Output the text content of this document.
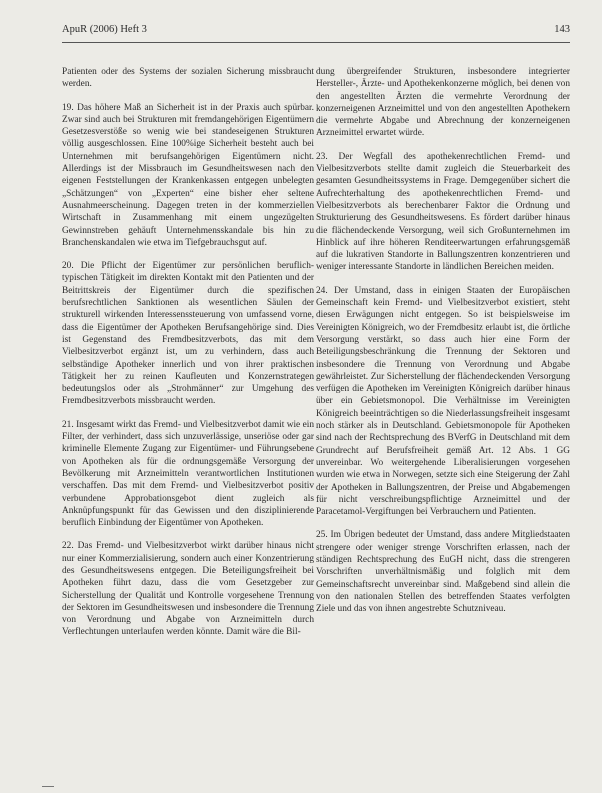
ApuR (2006) Heft 3	143

Patienten oder des Systems der sozialen Sicherung missbraucht werden.

19. Das höhere Maß an Sicherheit ist in der Praxis auch spürbar. Zwar sind auch bei Strukturen mit fremdangehörigen Eigentümern Gesetzesverstöße so wenig wie bei standeseigenen Strukturen völlig ausgeschlossen. Eine 100%ige Sicherheit besteht auch bei Unternehmen mit berufsangehörigen Eigentümern nicht. Allerdings ist der Missbrauch im Gesundheitswesen nach den eigenen Feststellungen der Krankenkassen entgegen unbelegten „Schätzungen“ von „Experten“ eine bisher eher seltene Ausnahmeerscheinung. Dagegen treten in der kommerziellen Wirtschaft in Zusammenhang mit einem ungezügelten Gewinnstreben gehäuft Unternehmensskandale bis hin zu Branchenskandalen wie etwa im Tiefgebrauchsgut auf.

20. Die Pflicht der Eigentümer zur persönlichen beruflich-typischen Tätigkeit im direkten Kontakt mit den Patienten und der Beitrittskreis der Eigentümer durch die spezifischen berufsrechtlichen Sanktionen als wesentlichen Säulen der strukturell wirkenden Interessenssteuerung von umfassend vorne, dass die Eigentümer der Apotheken Berufsangehörige sind. Dies ist Gegenstand des Fremdbesitzverbots, das mit dem Vielbesitzverbot ergänzt ist, um zu verhindern, dass auch selbständige Apotheker innerlich und von ihrer praktischen Tätigkeit her zu reinen Kaufleuten und Konzernstrategen bedeutungslos oder als „Strohmänner“ zur Umgehung des Fremdbesitzverbots missbraucht werden.

21. Insgesamt wirkt das Fremd- und Vielbesitzverbot damit wie ein Filter, der verhindert, dass sich unzuverlässige, unseriöse oder gar kriminelle Elemente Zugang zur Eigentümer- und Führungsebene von Apotheken als für die ordnungsgemäße Versorgung der Bevölkerung mit Arzneimitteln verantwortlichen Institutionen verschaffen. Das mit dem Fremd- und Vielbesitzverbot positiv verbundene Approbationsgebot dient zugleich als Anknüpfungspunkt für das Gewissen und den disziplinierende beruflich Einbindung der Eigentümer von Apotheken.

22. Das Fremd- und Vielbesitzverbot wirkt darüber hinaus nicht nur einer Kommerzialisierung, sondern auch einer Konzentrierung des Gesundheitswesens entgegen. Die Beteiligungsfreiheit bei Apotheken führt dazu, dass die vom Gesetzgeber zur Sicherstellung der Qualität und Kontrolle vorgesehene Trennung der Sektoren im Gesundheitswesen und insbesondere die Trennung von Verordnung und Abgabe von Arzneimitteln durch Verflechtungen unterlaufen werden könnte. Damit wäre die Bil-

dung übergreifender Strukturen, insbesondere integrierter Hersteller-, Ärzte- und Apothekenkonzerne möglich, bei denen von den angestellten Ärzten die vermehrte Verordnung der konzerneigenen Arzneimittel und von den angestellten Apothekern die vermehrte Abgabe und Abrechnung der konzerneigenen Arzneimittel erwartet würde.

23. Der Wegfall des apothekenrechtlichen Fremd- und Vielbesitzverbots stellte damit zugleich die Steuerbarkeit des gesamten Gesundheitssystems in Frage. Demgegenüber sichert die Aufrechterhaltung des apothekenrechtlichen Fremd- und Vielbesitzverbots als berechenbarer Faktor die Ordnung und Strukturierung des Gesundheitswesens. Es fördert darüber hinaus die flächendeckende Versorgung, weil sich Großunternehmen im Hinblick auf ihre höheren Renditeerwartungen erfahrungsgemäß auf die lukrativen Standorte in Ballungszentren konzentrieren und weniger interessante Standorte in ländlichen Bereichen meiden.

24. Der Umstand, dass in einigen Staaten der Europäischen Gemeinschaft kein Fremd- und Vielbesitzverbot existiert, steht diesen Erwägungen nicht entgegen. So ist beispielsweise im Vereinigten Königreich, wo der Fremdbesitz erlaubt ist, die örtliche Versorgung verstärkt, so dass auch hier eine Form der Beteiligungsbeschränkung die Trennung der Sektoren und insbesondere die Trennung von Verordnung und Abgabe gewährleistet. Zur Sicherstellung der flächendeckenden Versorgung verfügen die Apotheken im Vereinigten Königreich darüber hinaus über ein Gebietsmonopol. Die Verhältnisse im Vereinigten Königreich beeinträchtigen so die Niederlassungsfreiheit insgesamt noch stärker als in Deutschland. Gebietsmonopole für Apotheken sind nach der Rechtsprechung des BVerfG in Deutschland mit dem Grundrecht auf Berufsfreiheit gemäß Art. 12 Abs. 1 GG unvereinbar. Wo weitergehende Liberalisierungen vorgesehen wurden wie etwa in Norwegen, setzte sich eine Steigerung der Zahl der Apotheken in Ballungszentren, der Preise und Abgabemengen für nicht verschreibungspflichtige Arzneimittel und der Paracetamol-Vergiftungen bei Verbrauchern und Patienten.

25. Im Übrigen bedeutet der Umstand, dass andere Mitgliedstaaten strengere oder weniger strenge Vorschriften erlassen, nach der ständigen Rechtsprechung des EuGH nicht, dass die strengeren Vorschriften unverhältnismäßig und folglich mit dem Gemeinschaftsrecht unvereinbar sind. Maßgebend sind allein die von den nationalen Stellen des betreffenden Staates verfolgten Ziele und das von ihnen angestrebte Schutzniveau.
